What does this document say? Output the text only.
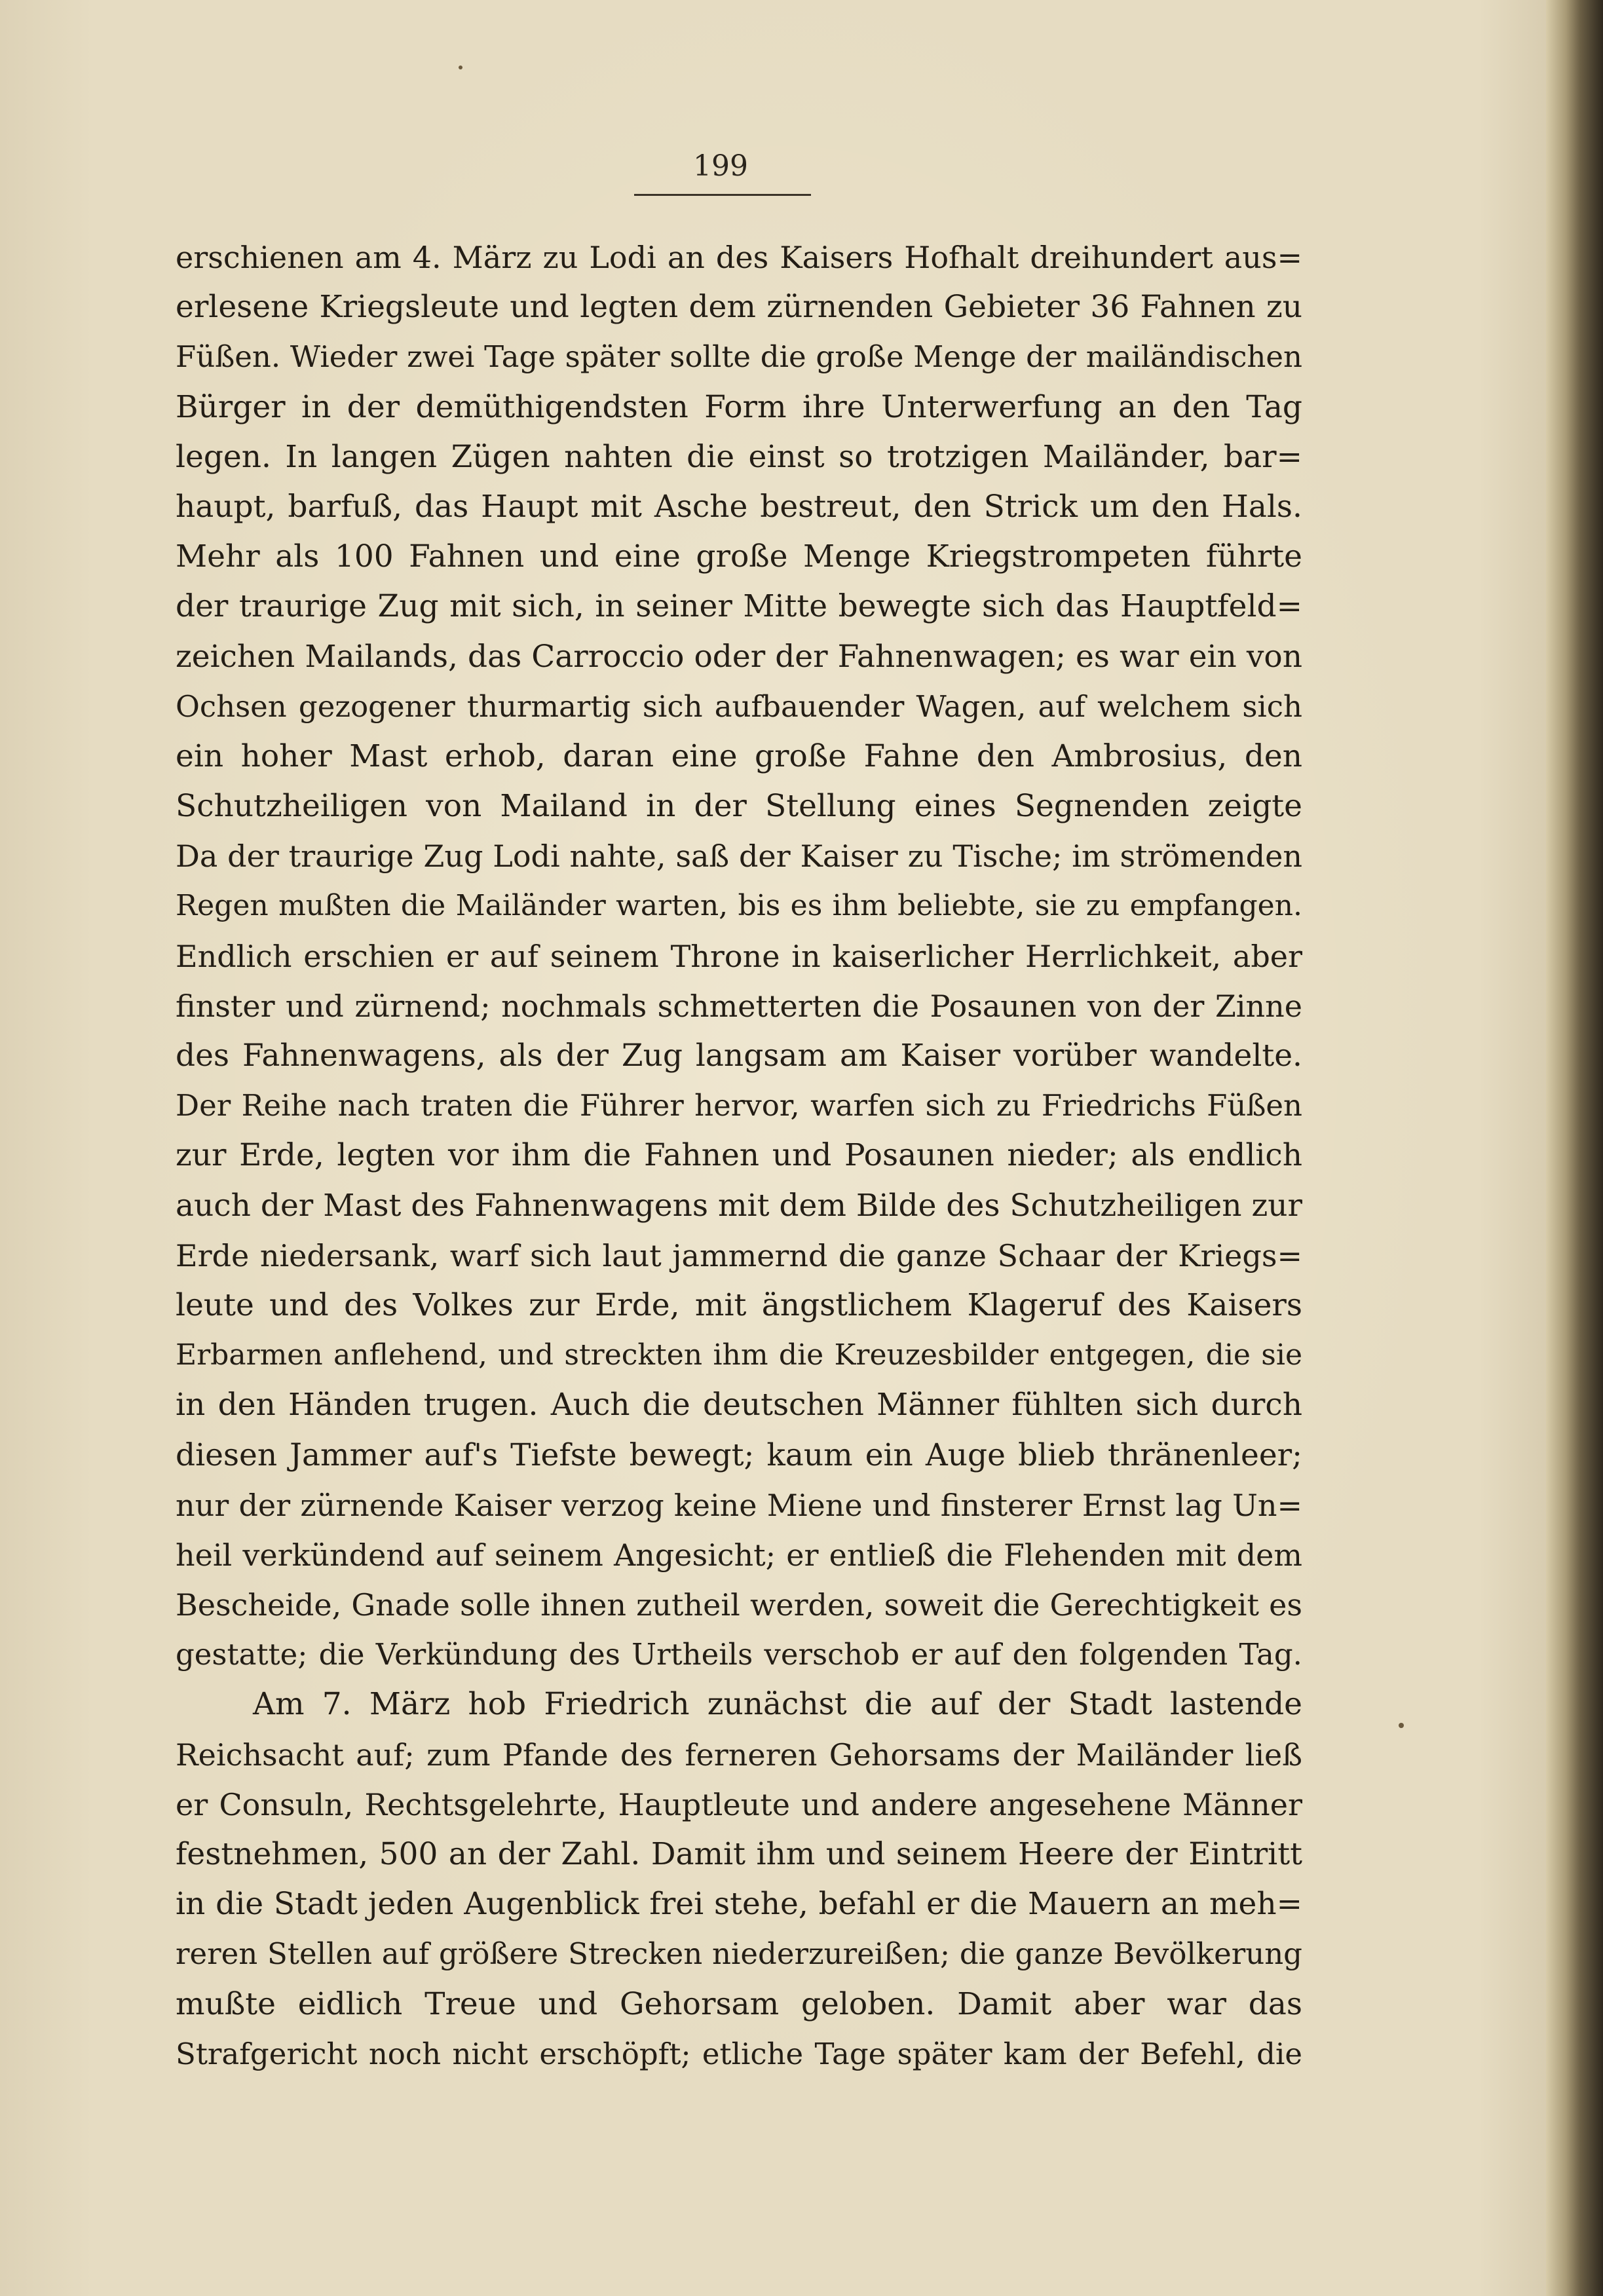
199
erschienen am 4. März zu Lodi an des Kaisers Hofhalt dreihundert aus=
erlesene Kriegsleute und legten dem zürnenden Gebieter 36 Fahnen zu
Füßen. Wieder zwei Tage später sollte die große Menge der mailändischen
Bürger in der demüthigendsten Form ihre Unterwerfung an den Tag
legen. In langen Zügen nahten die einst so trotzigen Mailänder, bar=
haupt, barfuß, das Haupt mit Asche bestreut, den Strick um den Hals.
Mehr als 100 Fahnen und eine große Menge Kriegstrompeten führte
der traurige Zug mit sich, in seiner Mitte bewegte sich das Hauptfeld=
zeichen Mailands, das Carroccio oder der Fahnenwagen; es war ein von
Ochsen gezogener thurmartig sich aufbauender Wagen, auf welchem sich
ein hoher Mast erhob, daran eine große Fahne den Ambrosius, den
Schutzheiligen von Mailand in der Stellung eines Segnenden zeigte
Da der traurige Zug Lodi nahte, saß der Kaiser zu Tische; im strömenden
Regen mußten die Mailänder warten, bis es ihm beliebte, sie zu empfangen.
Endlich erschien er auf seinem Throne in kaiserlicher Herrlichkeit, aber
finster und zürnend; nochmals schmetterten die Posaunen von der Zinne
des Fahnenwagens, als der Zug langsam am Kaiser vorüber wandelte.
Der Reihe nach traten die Führer hervor, warfen sich zu Friedrichs Füßen
zur Erde, legten vor ihm die Fahnen und Posaunen nieder; als endlich
auch der Mast des Fahnenwagens mit dem Bilde des Schutzheiligen zur
Erde niedersank, warf sich laut jammernd die ganze Schaar der Kriegs=
leute und des Volkes zur Erde, mit ängstlichem Klageruf des Kaisers
Erbarmen anflehend, und streckten ihm die Kreuzesbilder entgegen, die sie
in den Händen trugen. Auch die deutschen Männer fühlten sich durch
diesen Jammer auf's Tiefste bewegt; kaum ein Auge blieb thränenleer;
nur der zürnende Kaiser verzog keine Miene und finsterer Ernst lag Un=
heil verkündend auf seinem Angesicht; er entließ die Flehenden mit dem
Bescheide, Gnade solle ihnen zutheil werden, soweit die Gerechtigkeit es
gestatte; die Verkündung des Urtheils verschob er auf den folgenden Tag.
Am 7. März hob Friedrich zunächst die auf der Stadt lastende
Reichsacht auf; zum Pfande des ferneren Gehorsams der Mailänder ließ
er Consuln, Rechtsgelehrte, Hauptleute und andere angesehene Männer
festnehmen, 500 an der Zahl. Damit ihm und seinem Heere der Eintritt
in die Stadt jeden Augenblick frei stehe, befahl er die Mauern an meh=
reren Stellen auf größere Strecken niederzureißen; die ganze Bevölkerung
mußte eidlich Treue und Gehorsam geloben. Damit aber war das
Strafgericht noch nicht erschöpft; etliche Tage später kam der Befehl, die
